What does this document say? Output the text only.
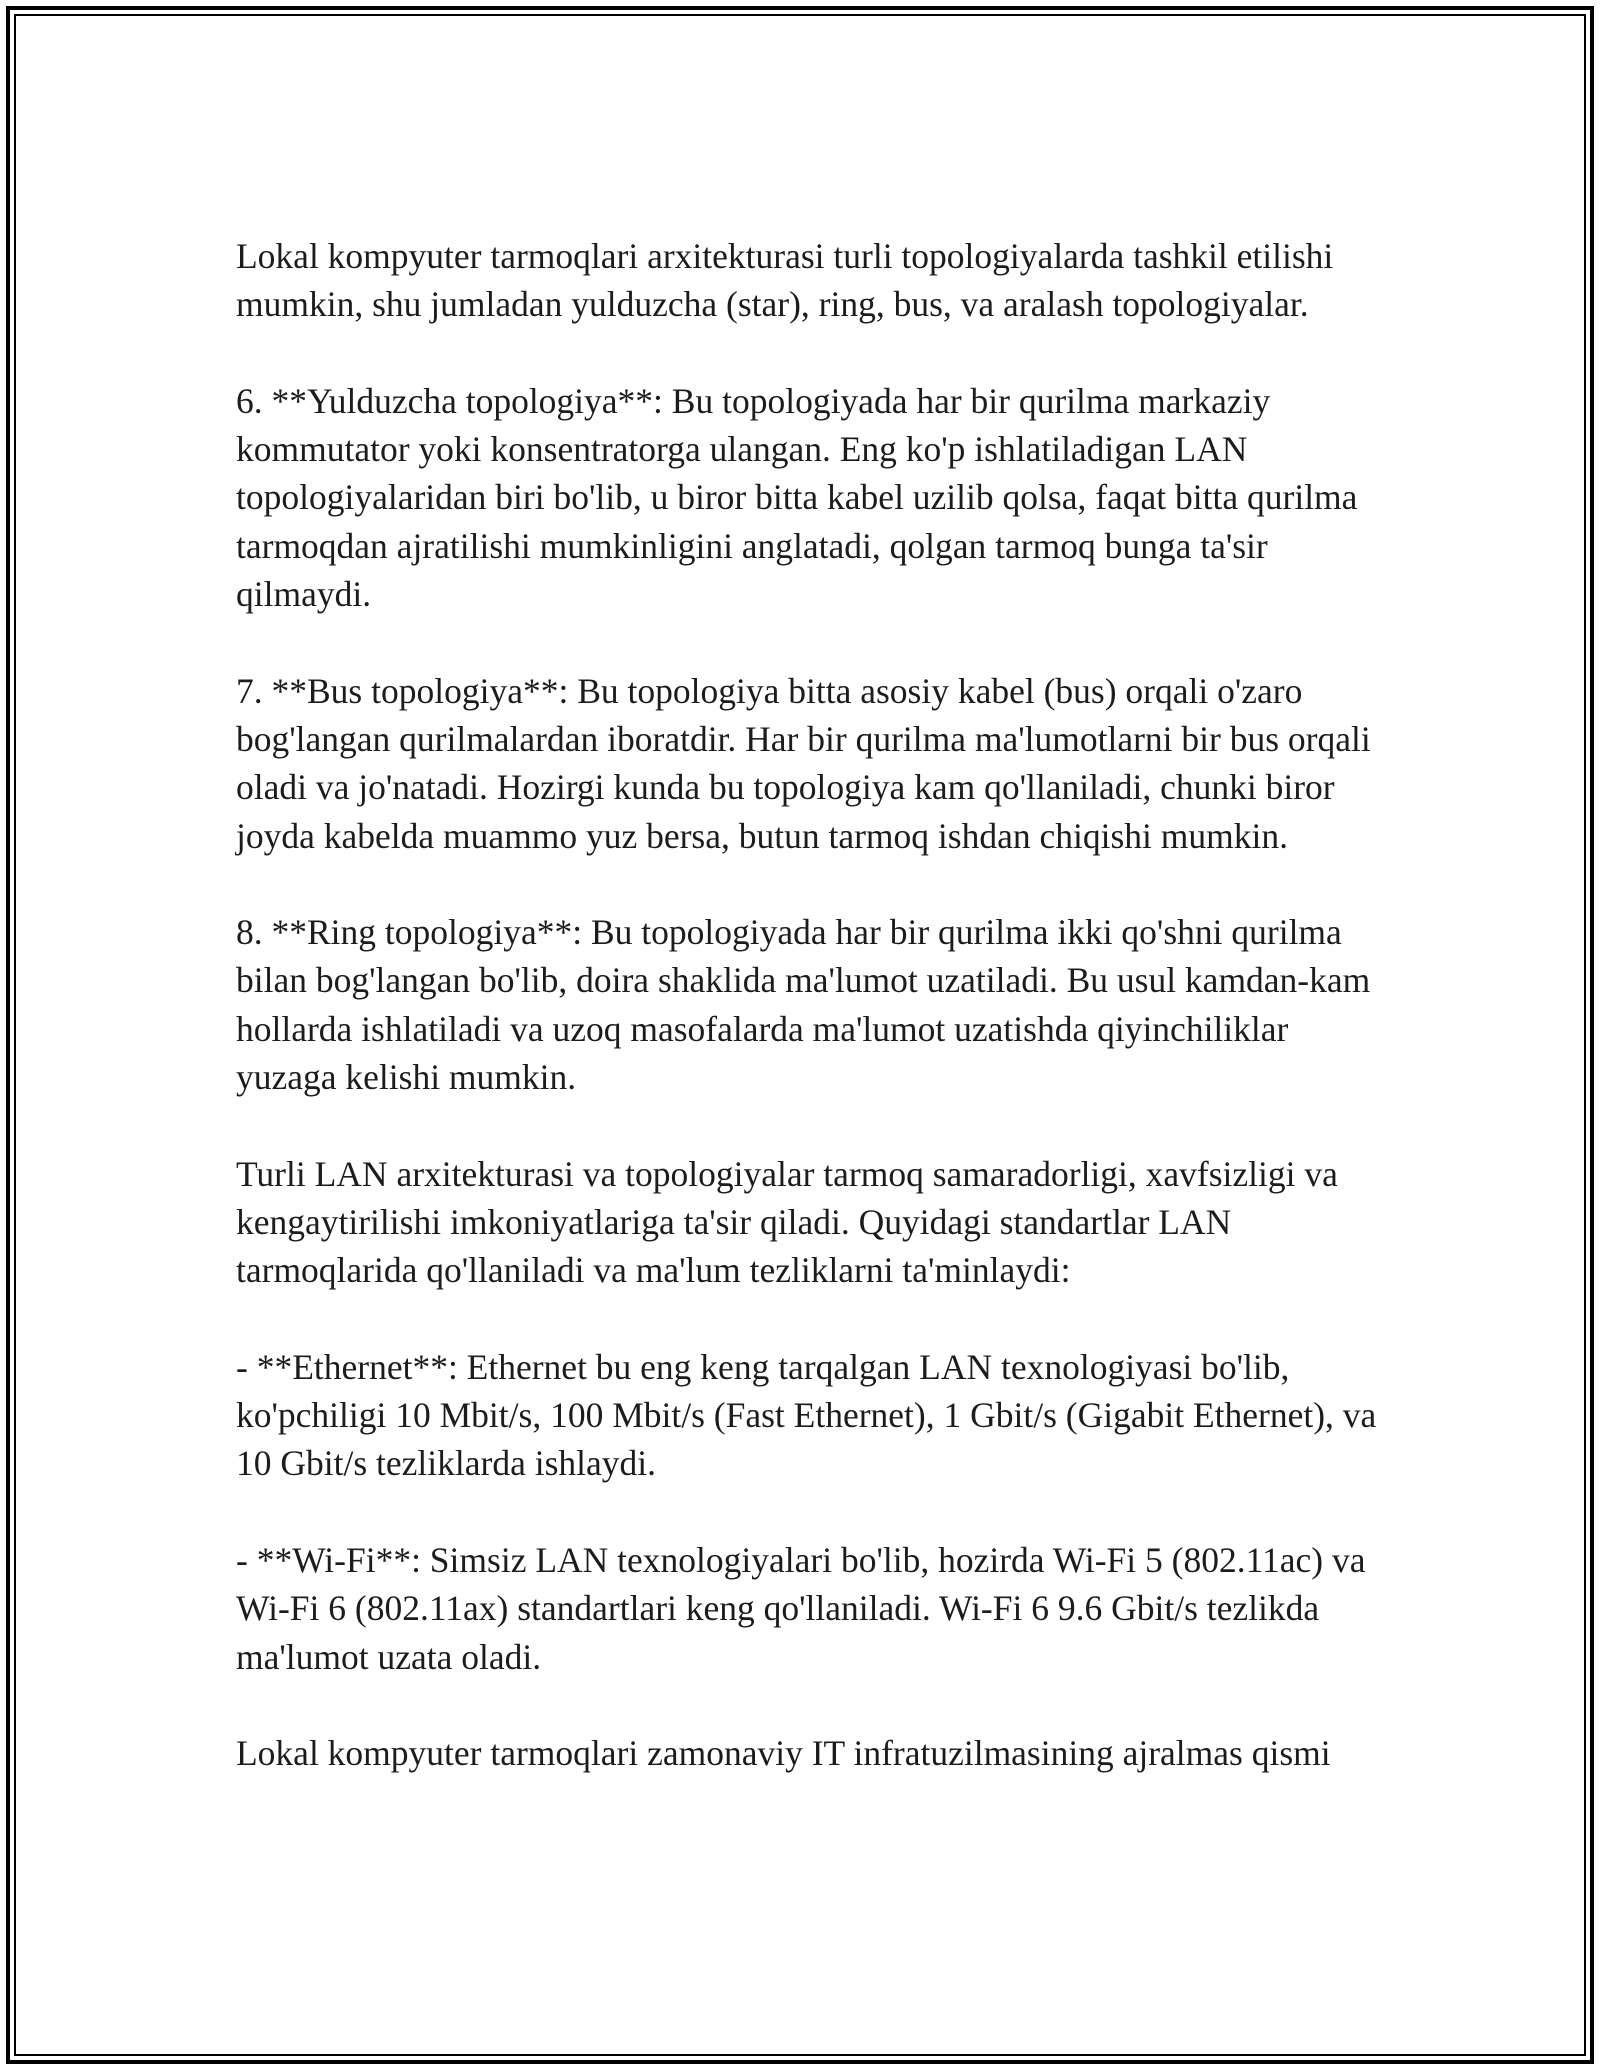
Lokal kompyuter tarmoqlari arxitekturasi turli topologiyalarda tashkil etilishi mumkin, shu jumladan yulduzcha (star), ring, bus, va aralash topologiyalar.

6. **Yulduzcha topologiya**: Bu topologiyada har bir qurilma markaziy kommutator yoki konsentratorga ulangan. Eng ko'p ishlatiladigan LAN topologiyalaridan biri bo'lib, u biror bitta kabel uzilib qolsa, faqat bitta qurilma tarmoqdan ajratilishi mumkinligini anglatadi, qolgan tarmoq bunga ta'sir qilmaydi.

7. **Bus topologiya**: Bu topologiya bitta asosiy kabel (bus) orqali o'zaro bog'langan qurilmalardan iboratdir. Har bir qurilma ma'lumotlarni bir bus orqali oladi va jo'natadi. Hozirgi kunda bu topologiya kam qo'llaniladi, chunki biror joyda kabelda muammo yuz bersa, butun tarmoq ishdan chiqishi mumkin.

8. **Ring topologiya**: Bu topologiyada har bir qurilma ikki qo'shni qurilma bilan bog'langan bo'lib, doira shaklida ma'lumot uzatiladi. Bu usul kamdan-kam hollarda ishlatiladi va uzoq masofalarda ma'lumot uzatishda qiyinchiliklar yuzaga kelishi mumkin.

Turli LAN arxitekturasi va topologiyalar tarmoq samaradorligi, xavfsizligi va kengaytirilishi imkoniyatlariga ta'sir qiladi. Quyidagi standartlar LAN tarmoqlarida qo'llaniladi va ma'lum tezliklarni ta'minlaydi:

- **Ethernet**: Ethernet bu eng keng tarqalgan LAN texnologiyasi bo'lib, ko'pchiligi 10 Mbit/s, 100 Mbit/s (Fast Ethernet), 1 Gbit/s (Gigabit Ethernet), va 10 Gbit/s tezliklarda ishlaydi.

- **Wi-Fi**: Simsiz LAN texnologiyalari bo'lib, hozirda Wi-Fi 5 (802.11ac) va Wi-Fi 6 (802.11ax) standartlari keng qo'llaniladi. Wi-Fi 6 9.6 Gbit/s tezlikda ma'lumot uzata oladi.

Lokal kompyuter tarmoqlari zamonaviy IT infratuzilmasining ajralmas qismi
